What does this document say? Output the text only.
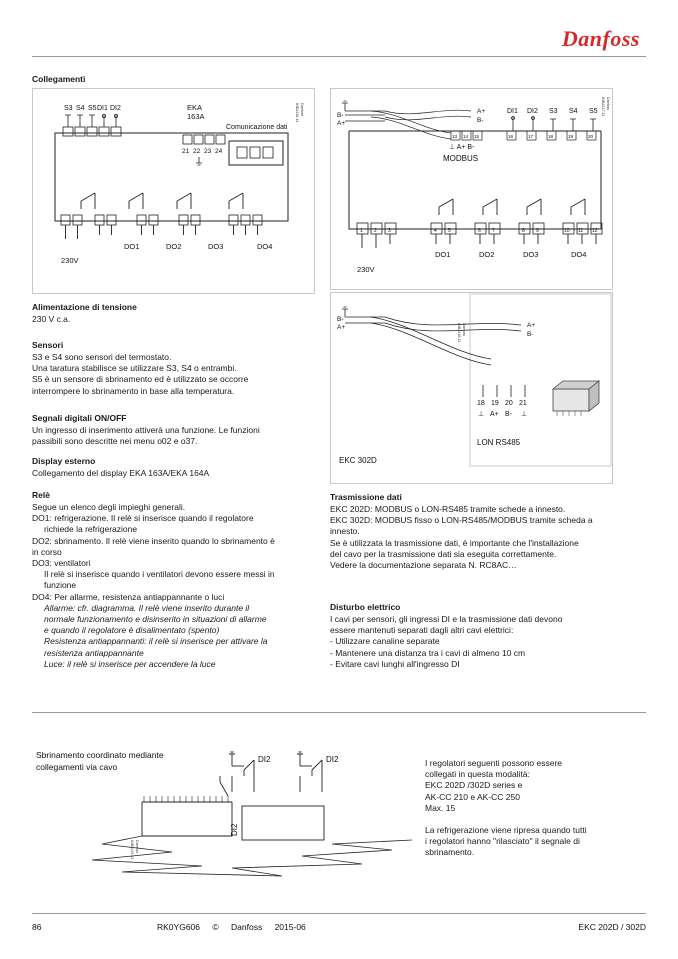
Danfoss
Collegamenti
S3 S4 S5 DI1 DI2	EKA
163A
Comunicazione dati
21 22 23 24
DO1	DO2	DO3	DO4
230V
Danfoss
84B2416.11	B-
A+
A+
B-
DI1 DI2 S3 S4 S5
13 14 15	16	17	18	19	20
⊥ A+ B-
MODBUS
1 2 3	4 5	6 7	8 9	10 11 12
DO1	DO2	DO3	DO4
230V
Danfoss
84B2417.11
B-
A+	A+
B-
18 19 20 21
⊥ A+ B- ⊥
LON RS485
EKC 302D
Danfoss
84B2418.11
Alimentazione di tensione

230 V c.a.

Sensori

S3 e S4 sono sensori del termostato.

Una taratura stabilisce se utilizzare S3, S4 o entrambi.

S5 è un sensore di sbrinamento ed è utilizzato se occorre

interrompere lo sbrinamento in base alla temperatura.

Segnali digitali ON/OFF

Un ingresso di inserimento attiverà una funzione. Le funzioni

passibili sono descritte nei menu o02 e o37.

Display esterno

Collegamento del display EKA 163A/EKA 164A

Relè

Segue un elenco degli impieghi generali.

DO1: refrigerazione. Il relè si inserisce quando il regolatore

richiede la refrigerazione

DO2: sbrinamento. Il relè viene inserito quando lo sbrinamento è

in corso

DO3: ventilatori

Il relè si inserisce quando i ventilatori devono essere messi in

funzione

DO4: Per allarme, resistenza antiappannante o luci

Allarme: cfr. diagramma. Il relè viene inserito durante il

normale funzionamento e disinserito in situazioni di allarme

e quando il regolatore è disalimentato (spento)

Resistenza antiappannanti: il relè si inserisce per attivare la

resistenza antiappannante

Luce: il relè si inserisce per accendere la luce

Trasmissione dati

EKC 202D: MODBUS o LON-RS485 tramite schede a innesto.

EKC 302D: MODBUS fisso o LON-RS485/MODBUS tramite scheda a

innesto.

Se è utilizzata la trasmissione dati, è importante che l'installazione

del cavo per la trasmissione dati sia eseguita correttamente.

Vedere la documentazione separata N. RC8AC…

Disturbo elettrico

I cavi per sensori, gli ingressi DI e la trasmissione dati devono

essere mantenuti separati dagli altri cavi elettrici:

- Utilizzare canaline separate

- Mantenere una distanza tra i cavi di almeno 10 cm

- Evitare cavi lunghi all'ingresso DI

Sbrinamento coordinato mediante
collegamenti via cavo
DI2	DI2
DI2
Danfoss
84B2449.11

I regolatori seguenti possono essere

collegati in questa modalità:

EKC 202D /302D series e

AK-CC 210 e AK-CC 250

Max. 15

La refrigerazione viene ripresa quando tutti

i regolatori hanno "rilasciato" il segnale di

sbrinamento.

86	RK0YG606 © Danfoss 2015-06	EKC 202D / 302D
